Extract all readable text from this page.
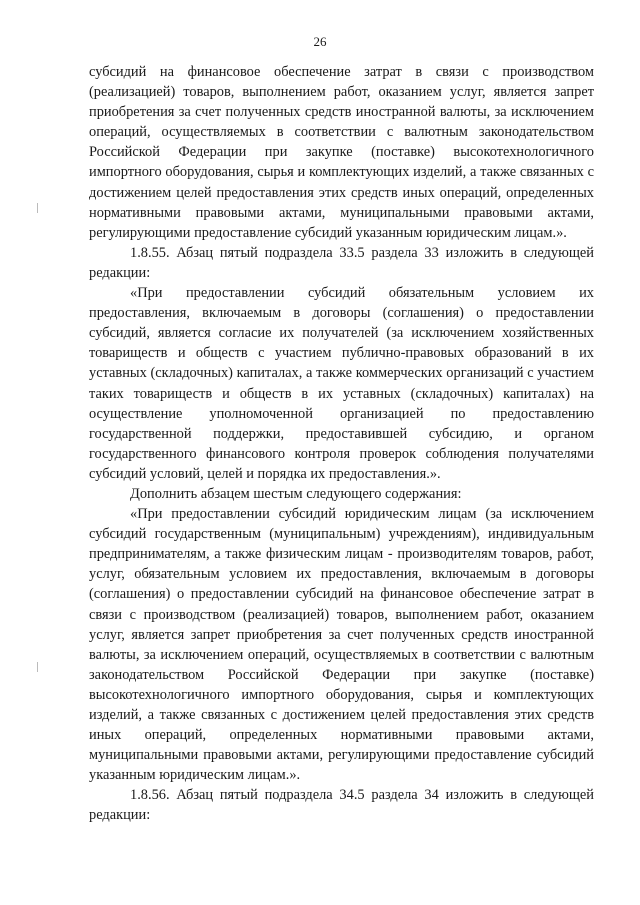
26

субсидий на финансовое обеспечение затрат в связи с производством (реализацией) товаров, выполнением работ, оказанием услуг, является запрет приобретения за счет полученных средств иностранной валюты, за исключением операций, осуществляемых в соответствии с валютным законодательством Российской Федерации при закупке (поставке) высокотехнологичного импортного оборудования, сырья и комплектующих изделий, а также связанных с достижением целей предоставления этих средств иных операций, определенных нормативными правовыми актами, муниципальными правовыми актами, регулирующими предоставление субсидий указанным юридическим лицам.».

1.8.55. Абзац пятый подраздела 33.5 раздела 33 изложить в следующей редакции:

«При предоставлении субсидий обязательным условием их предоставления, включаемым в договоры (соглашения) о предоставлении субсидий, является согласие их получателей (за исключением хозяйственных товариществ и обществ с участием публично-правовых образований в их уставных (складочных) капиталах, а также коммерческих организаций с участием таких товариществ и обществ в их уставных (складочных) капиталах) на осуществление уполномоченной организацией по предоставлению государственной поддержки, предоставившей субсидию, и органом государственного финансового контроля проверок соблюдения получателями субсидий условий, целей и порядка их предоставления.».

Дополнить абзацем шестым следующего содержания:

«При предоставлении субсидий юридическим лицам (за исключением субсидий государственным (муниципальным) учреждениям), индивидуальным предпринимателям, а также физическим лицам - производителям товаров, работ, услуг, обязательным условием их предоставления, включаемым в договоры (соглашения) о предоставлении субсидий на финансовое обеспечение затрат в связи с производством (реализацией) товаров, выполнением работ, оказанием услуг, является запрет приобретения за счет полученных средств иностранной валюты, за исключением операций, осуществляемых в соответствии с валютным законодательством Российской Федерации при закупке (поставке) высокотехнологичного импортного оборудования, сырья и комплектующих изделий, а также связанных с достижением целей предоставления этих средств иных операций, определенных нормативными правовыми актами, муниципальными правовыми актами, регулирующими предоставление субсидий указанным юридическим лицам.».

1.8.56. Абзац пятый подраздела 34.5 раздела 34 изложить в следующей редакции:
